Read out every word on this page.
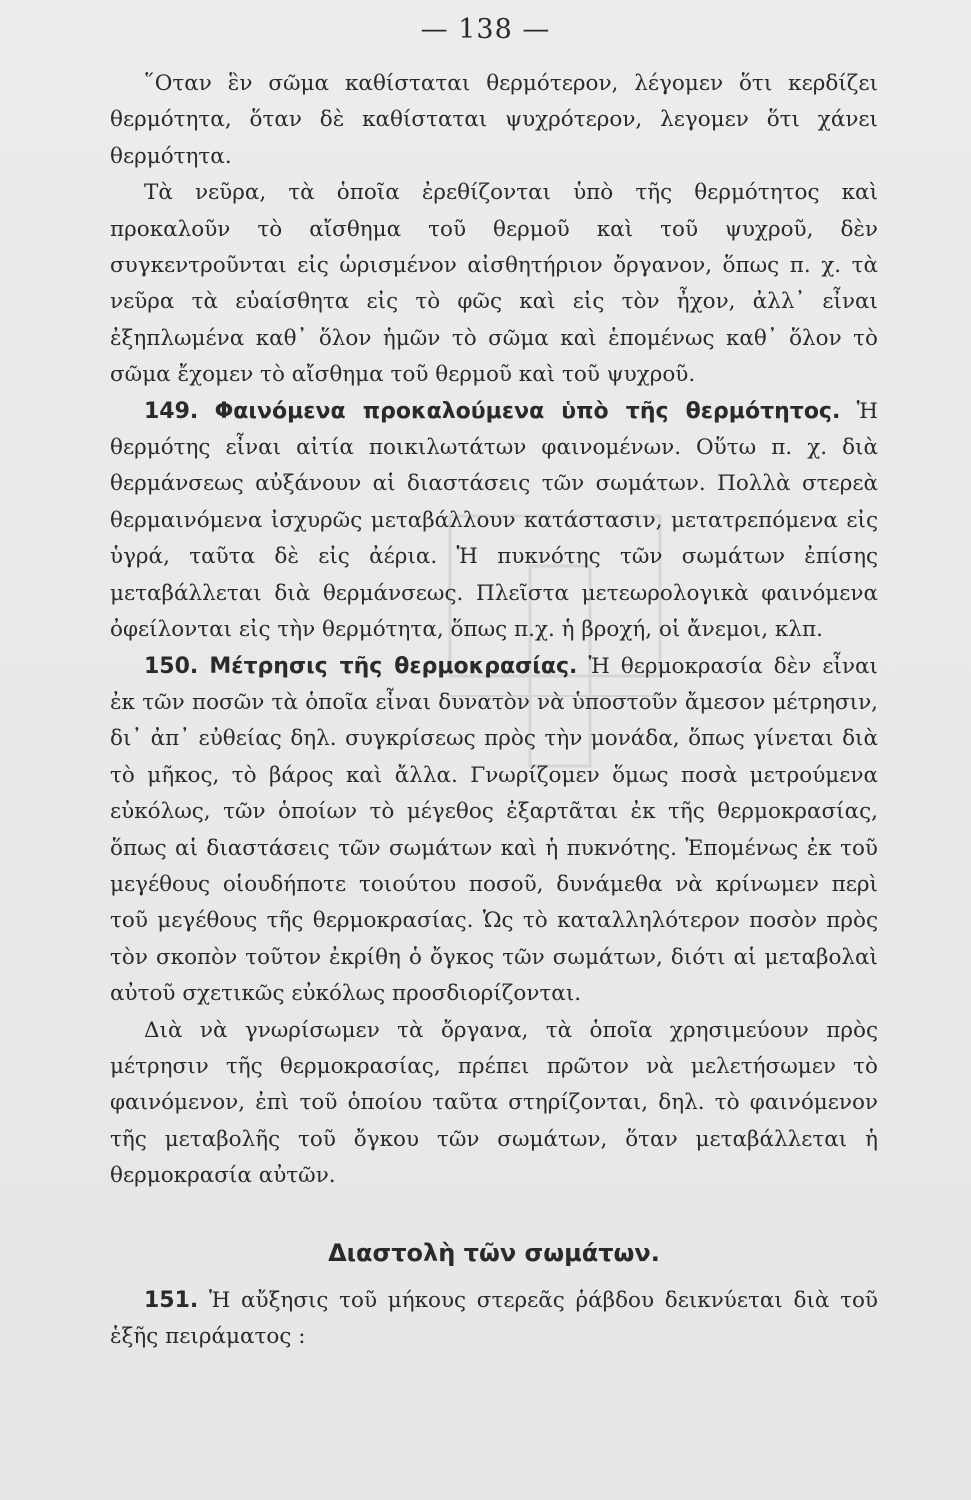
— 138 —

῞Οταν ἓν σῶμα καθίσταται θερμότερον, λέγομεν ὅτι κερδίζει θερμότητα, ὅταν δὲ καθίσταται ψυχρότερον, λεγομεν ὅτι χάνει θερμότητα.

Τὰ νεῦρα, τὰ ὁποῖα ἐρεθίζονται ὑπὸ τῆς θερμότητος καὶ προκαλοῦν τὸ αἴσθημα τοῦ θερμοῦ καὶ τοῦ ψυχροῦ, δὲν συγκεντροῦνται εἰς ὡρισμένον αἰσθητήριον ὄργανον, ὅπως π. χ. τὰ νεῦρα τὰ εὐαίσθητα εἰς τὸ φῶς καὶ εἰς τὸν ἦχον, ἀλλ᾽ εἶναι ἐξηπλωμένα καθ᾽ ὅλον ἡμῶν τὸ σῶμα καὶ ἑπομένως καθ᾽ ὅλον τὸ σῶμα ἔχομεν τὸ αἴσθημα τοῦ θερμοῦ καὶ τοῦ ψυχροῦ.

149. Φαινόμενα προκαλούμενα ὑπὸ τῆς θερμότητος. Ἡ θερμότης εἶναι αἰτία ποικιλωτάτων φαινομένων. Οὕτω π. χ. διὰ θερμάνσεως αὐξάνουν αἱ διαστάσεις τῶν σωμάτων. Πολλὰ στερεὰ θερμαινόμενα ἰσχυρῶς μεταβάλλουν κατάστασιν, μετατρεπόμενα εἰς ὑγρά, ταῦτα δὲ εἰς ἀέρια. Ἡ πυκνότης τῶν σωμάτων ἐπίσης μεταβάλλεται διὰ θερμάνσεως. Πλεῖστα μετεωρολογικὰ φαινόμενα ὀφείλονται εἰς τὴν θερμότητα, ὅπως π.χ. ἡ βροχή, οἱ ἄνεμοι, κλπ.

150. Μέτρησις τῆς θερμοκρασίας. Ἡ θερμοκρασία δὲν εἶναι ἐκ τῶν ποσῶν τὰ ὁποῖα εἶναι δυνατὸν νὰ ὑποστοῦν ἄμεσον μέτρησιν, δι᾽ ἀπ᾽ εὐθείας δηλ. συγκρίσεως πρὸς τὴν μονάδα, ὅπως γίνεται διὰ τὸ μῆκος, τὸ βάρος καὶ ἄλλα. Γνωρίζομεν ὅμως ποσὰ μετρούμενα εὐκόλως, τῶν ὁποίων τὸ μέγεθος ἐξαρτᾶται ἐκ τῆς θερμοκρασίας, ὅπως αἱ διαστάσεις τῶν σωμάτων καὶ ἡ πυκνότης. Ἑπομένως ἐκ τοῦ μεγέθους οἱουδήποτε τοιούτου ποσοῦ, δυνάμεθα νὰ κρίνωμεν περὶ τοῦ μεγέθους τῆς θερμοκρασίας. Ὡς τὸ καταλληλότερον ποσὸν πρὸς τὸν σκοπὸν τοῦτον ἐκρίθη ὁ ὄγκος τῶν σωμάτων, διότι αἱ μεταβολαὶ αὐτοῦ σχετικῶς εὐκόλως προσδιορίζονται.

Διὰ νὰ γνωρίσωμεν τὰ ὄργανα, τὰ ὁποῖα χρησιμεύουν πρὸς μέτρησιν τῆς θερμοκρασίας, πρέπει πρῶτον νὰ μελετήσωμεν τὸ φαινόμενον, ἐπὶ τοῦ ὁποίου ταῦτα στηρίζονται, δηλ. τὸ φαινόμενον τῆς μεταβολῆς τοῦ ὄγκου τῶν σωμάτων, ὅταν μεταβάλλεται ἡ θερμοκρασία αὐτῶν.

Διαστολὴ τῶν σωμάτων.

151. Ἡ αὔξησις τοῦ μήκους στερεᾶς ῥάβδου δεικνύεται διὰ τοῦ ἑξῆς πειράματος :
